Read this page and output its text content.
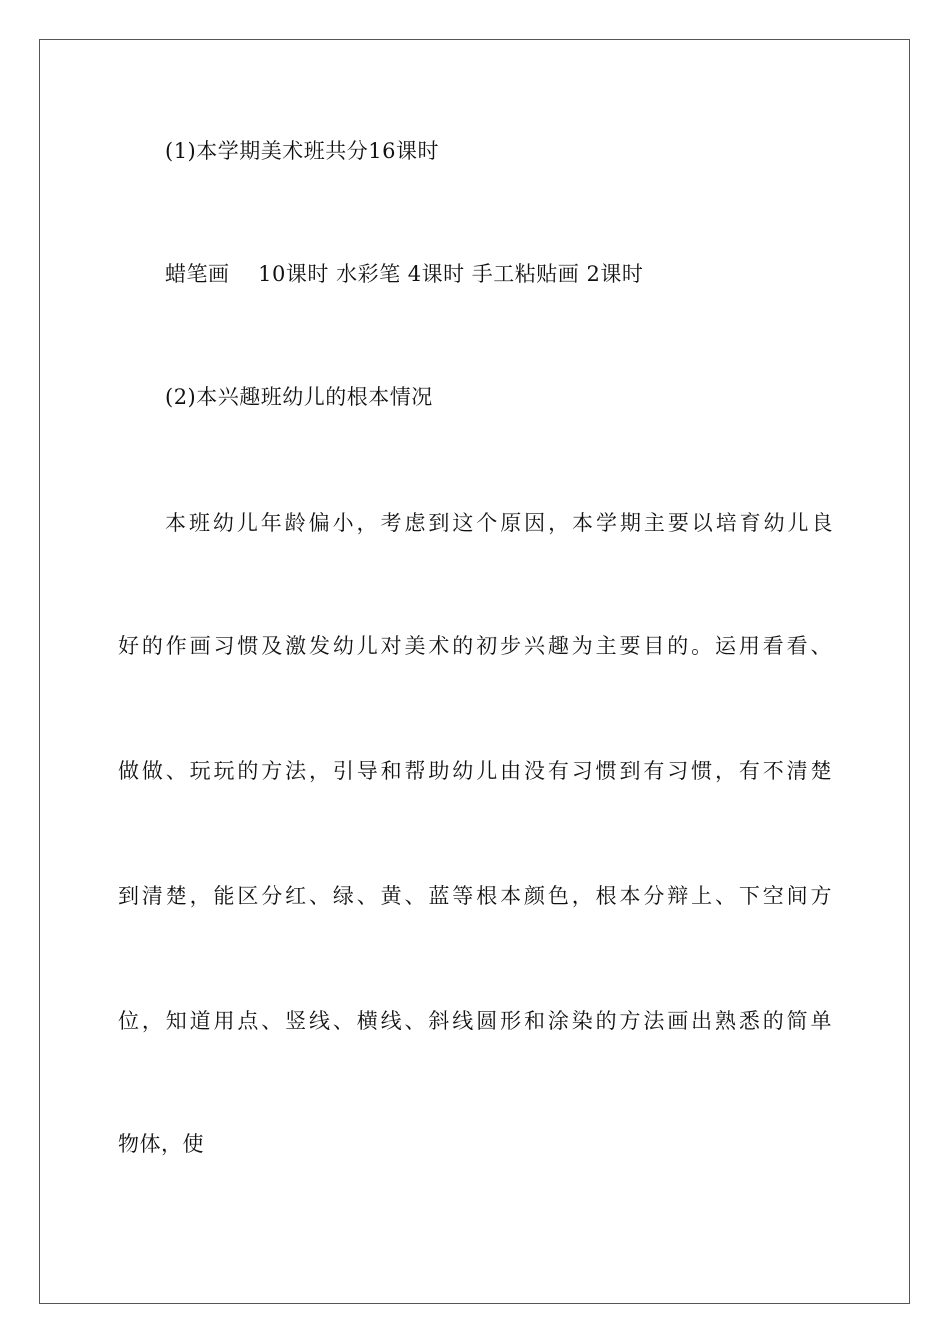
(1)本学期美术班共分16课时
蜡笔画　 10课时 水彩笔 4课时 手工粘贴画 2课时
(2)本兴趣班幼儿的根本情况
本班幼儿年龄偏小，考虑到这个原因，本学期主要以培育幼儿良
好的作画习惯及激发幼儿对美术的初步兴趣为主要目的。运用看看、
做做、玩玩的方法，引导和帮助幼儿由没有习惯到有习惯，有不清楚
到清楚，能区分红、绿、黄、蓝等根本颜色，根本分辩上、下空间方
位，知道用点、竖线、横线、斜线圆形和涂染的方法画出熟悉的简单
物体，使
